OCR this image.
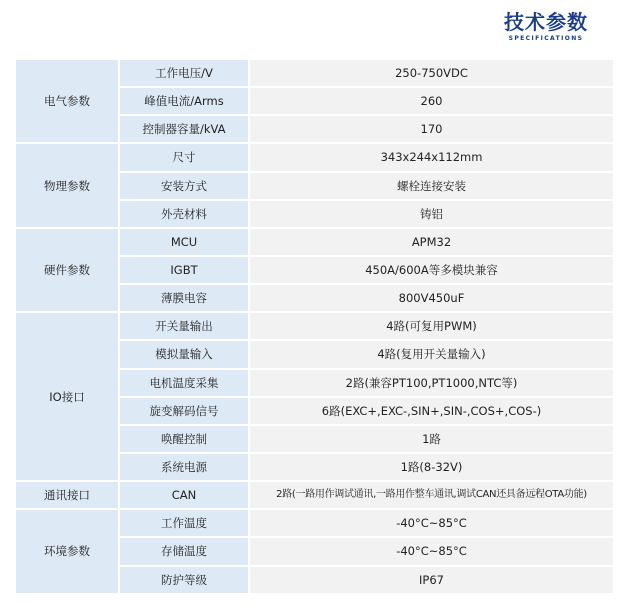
技术参数
SPECIFICATIONS
电气参数	工作电压/V	250-750VDC
	峰值电流/Arms	260
	控制器容量/kVA	170
物理参数	尺寸	343x244x112mm
	安装方式	螺栓连接安装
	外壳材料	铸铝
硬件参数	MCU	APM32
	IGBT	450A/600A等多模块兼容
	薄膜电容	800V450uF
IO接口	开关量输出	4路(可复用PWM)
	模拟量输入	4路(复用开关量输入)
	电机温度采集	2路(兼容PT100,PT1000,NTC等)
	旋变解码信号	6路(EXC+,EXC-,SIN+,SIN-,COS+,COS-)
	唤醒控制	1路
	系统电源	1路(8-32V)
通讯接口	CAN	2路(一路用作调试通讯,一路用作整车通讯,调试CAN还具备远程OTA功能)
环境参数	工作温度	-40°C~85°C
	存储温度	-40°C~85°C
	防护等级	IP67
